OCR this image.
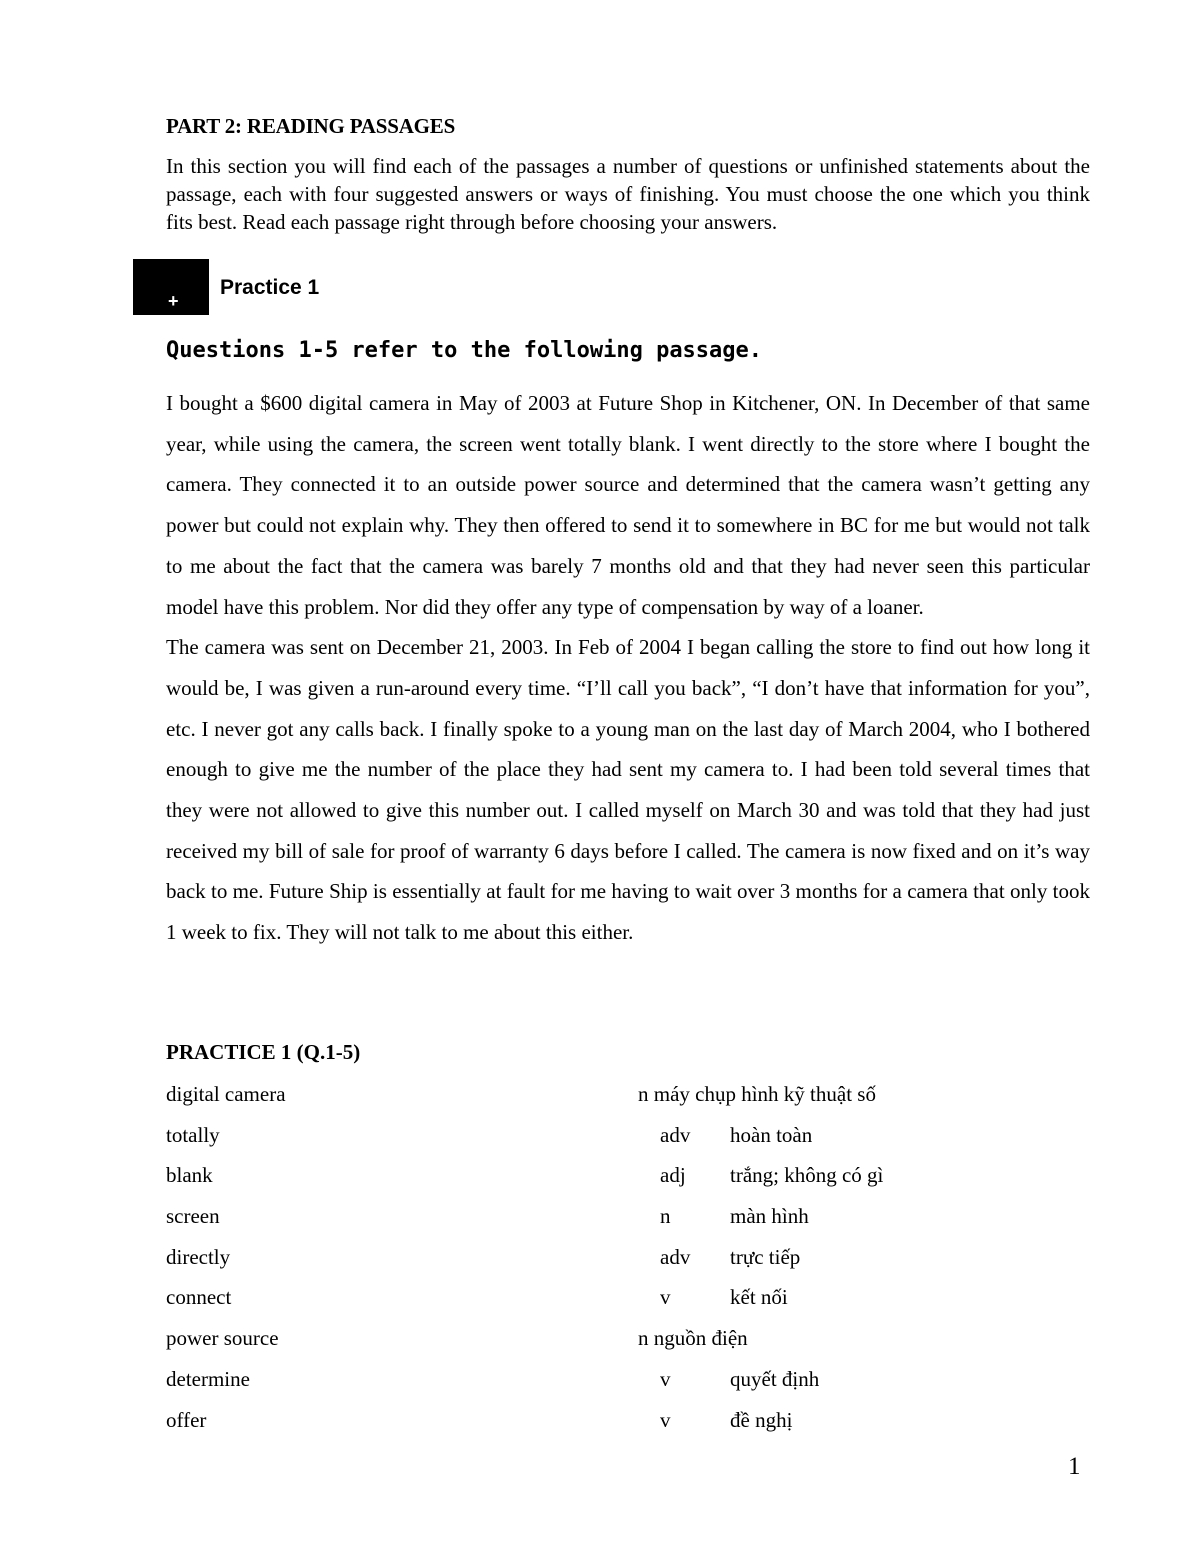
PART 2: READING PASSAGES
In this section you will find each of the passages a number of questions or unfinished statements about the passage, each with four suggested answers or ways of finishing. You must choose the one which you think fits best. Read each passage right through before choosing your answers.
+
Practice 1
Questions 1-5 refer to the following passage.

I bought a $600 digital camera in May of 2003 at Future Shop in Kitchener, ON. In December of that same year, while using the camera, the screen went totally blank. I went directly to the store where I bought the camera. They connected it to an outside power source and determined that the camera wasn’t getting any power but could not explain why. They then offered to send it to somewhere in BC for me but would not talk to me about the fact that the camera was barely 7 months old and that they had never seen this particular model have this problem. Nor did they offer any type of compensation by way of a loaner.

The camera was sent on December 21, 2003. In Feb of 2004 I began calling the store to find out how long it would be, I was given a run-around every time. “I’ll call you back”, “I don’t have that information for you”, etc. I never got any calls back. I finally spoke to a young man on the last day of March 2004, who I bothered enough to give me the number of the place they had sent my camera to. I had been told several times that they were not allowed to give this number out. I called myself on March 30 and was told that they had just received my bill of sale for proof of warranty 6 days before I called. The camera is now fixed and on it’s way back to me. Future Ship is essentially at fault for me having to wait over 3 months for a camera that only took 1 week to fix. They will not talk to me about this either.

PRACTICE 1 (Q.1-5)
digital camera	n máy chụp hình kỹ thuật số
totally	adv hoàn toàn
blank	adj trắng; không có gì
screen	n	màn hình
directly	adv trực tiếp
connect	v	kết nối
power source	n nguồn điện
determine	v	quyết định
offer	v	đề nghị
1
